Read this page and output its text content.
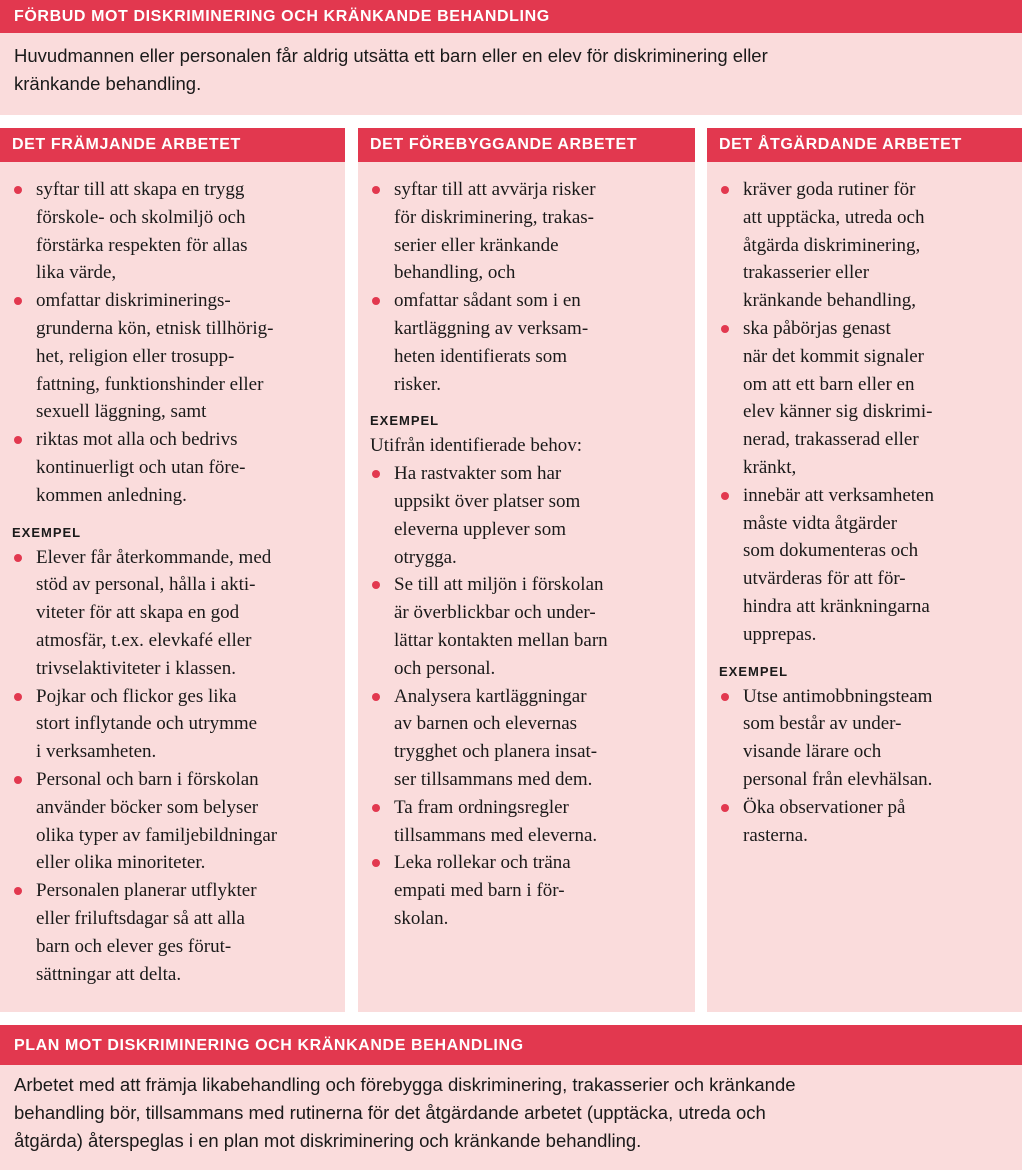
FÖRBUD MOT DISKRIMINERING OCH KRÄNKANDE BEHANDLING

Huvudmannen eller personalen får aldrig utsätta ett barn eller en elev för diskriminering eller

kränkande behandling.

DET FRÄMJANDE ARBETET
syftar till att skapa en trygg
förskole- och skolmiljö och
förstärka respekten för allas
lika värde,
omfattar diskriminerings-
grunderna kön, etnisk tillhörig-
het, religion eller trosupp-
fattning, funktionshinder eller
sexuell läggning, samt
riktas mot alla och bedrivs
kontinuerligt och utan före-
kommen anledning.
EXEMPEL
Elever får återkommande, med
stöd av personal, hålla i akti-
viteter för att skapa en god
atmosfär, t.ex. elevkafé eller
trivselaktiviteter i klassen.
Pojkar och flickor ges lika
stort inflytande och utrymme
i verksamheten.
Personal och barn i förskolan
använder böcker som belyser
olika typer av familjebildningar
eller olika minoriteter.
Personalen planerar utflykter
eller friluftsdagar så att alla
barn och elever ges förut-
sättningar att delta.
DET FÖREBYGGANDE ARBETET
syftar till att avvärja risker
för diskriminering, trakas-
serier eller kränkande
behandling, och
omfattar sådant som i en
kartläggning av verksam-
heten identifierats som
risker.
EXEMPEL
Utifrån identifierade behov:
Ha rastvakter som har
uppsikt över platser som
eleverna upplever som
otrygga.
Se till att miljön i förskolan
är överblickbar och under-
lättar kontakten mellan barn
och personal.
Analysera kartläggningar
av barnen och elevernas
trygghet och planera insat-
ser tillsammans med dem.
Ta fram ordningsregler
tillsammans med eleverna.
Leka rollekar och träna
empati med barn i för-
skolan.
DET ÅTGÄRDANDE ARBETET
kräver goda rutiner för
att upptäcka, utreda och
åtgärda diskriminering,
trakasserier eller
kränkande behandling,
ska påbörjas genast
när det kommit signaler
om att ett barn eller en
elev känner sig diskrimi-
nerad, trakasserad eller
kränkt,
innebär att verksamheten
måste vidta åtgärder
som dokumenteras och
utvärderas för att för-
hindra att kränkningarna
upprepas.
EXEMPEL
Utse antimobbningsteam
som består av under-
visande lärare och
personal från elevhälsan.
Öka observationer på
rasterna.
PLAN MOT DISKRIMINERING OCH KRÄNKANDE BEHANDLING

Arbetet med att främja likabehandling och förebygga diskriminering, trakasserier och kränkande

behandling bör, tillsammans med rutinerna för det åtgärdande arbetet (upptäcka, utreda och

åtgärda) återspeglas i en plan mot diskriminering och kränkande behandling.
